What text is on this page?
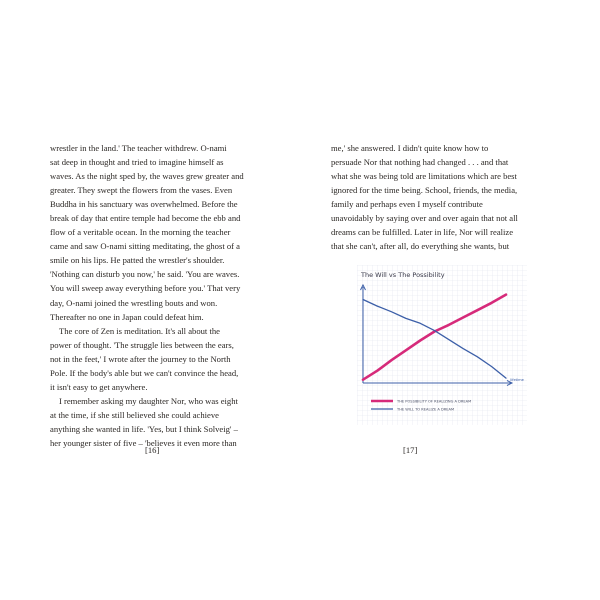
wrestler in the land.' The teacher withdrew. O-nami
sat deep in thought and tried to imagine himself as
waves. As the night sped by, the waves grew greater and
greater. They swept the flowers from the vases. Even
Buddha in his sanctuary was overwhelmed. Before the
break of day that entire temple had become the ebb and
flow of a veritable ocean. In the morning the teacher
came and saw O-nami sitting meditating, the ghost of a
smile on his lips. He patted the wrestler's shoulder.
'Nothing can disturb you now,' he said. 'You are waves.
You will sweep away everything before you.' That very
day, O-nami joined the wrestling bouts and won.
Thereafter no one in Japan could defeat him.
The core of Zen is meditation. It's all about the
power of thought. 'The struggle lies between the ears,
not in the feet,' I wrote after the journey to the North
Pole. If the body's able but we can't convince the head,
it isn't easy to get anywhere.
I remember asking my daughter Nor, who was eight
at the time, if she still believed she could achieve
anything she wanted in life. 'Yes, but I think Solveig' –
her younger sister of five – 'believes it even more than
[16]
me,' she answered. I didn't quite know how to
persuade Nor that nothing had changed . . . and that
what she was being told are limitations which are best
ignored for the time being. School, friends, the media,
family and perhaps even I myself contribute
unavoidably by saying over and over again that not all
dreams can be fulfilled. Later in life, Nor will realize
that she can't, after all, do everything she wants, but
The Will vs The Possibility
lifetime
THE POSSIBILITY OF REALIZING A DREAM
THE WILL TO REALIZE A DREAM
[17]
